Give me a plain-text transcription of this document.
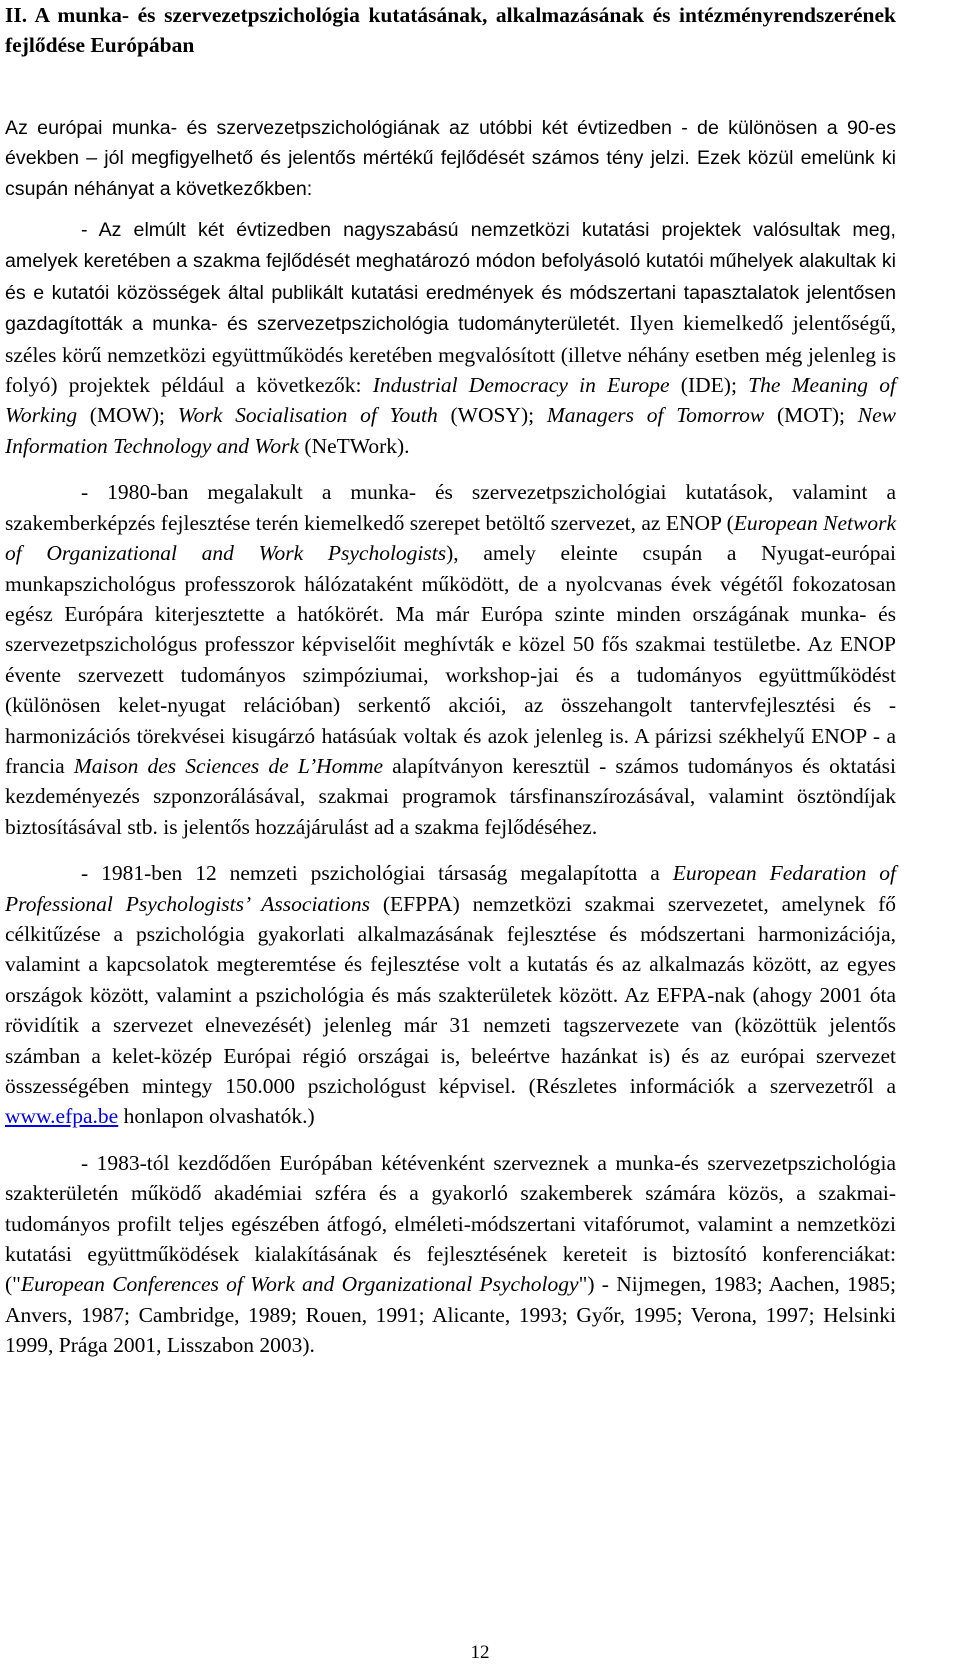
II. A munka- és szervezetpszichológia kutatásának, alkalmazásának és intézményrendszerének fejlődése Európában
Az európai munka- és szervezetpszichológiának az utóbbi két évtizedben - de különösen a 90-es években – jól megfigyelhető és jelentős mértékű fejlődését számos tény jelzi. Ezek közül emelünk ki csupán néhányat a következőkben:
- Az elmúlt két évtizedben nagyszabású nemzetközi kutatási projektek valósultak meg, amelyek keretében a szakma fejlődését meghatározó módon befolyásoló kutatói műhelyek alakultak ki és e kutatói közösségek által publikált kutatási eredmények és módszertani tapasztalatok jelentősen gazdagították a munka- és szervezetpszichológia tudományterületét. Ilyen kiemelkedő jelentőségű, széles körű nemzetközi együttműködés keretében megvalósított (illetve néhány esetben még jelenleg is folyó) projektek például a következők: Industrial Democracy in Europe (IDE); The Meaning of Working (MOW); Work Socialisation of Youth (WOSY); Managers of Tomorrow (MOT); New Information Technology and Work (NeTWork).
- 1980-ban megalakult a munka- és szervezetpszichológiai kutatások, valamint a szakemberképzés fejlesztése terén kiemelkedő szerepet betöltő szervezet, az ENOP (European Network of Organizational and Work Psychologists), amely eleinte csupán a Nyugat-európai munkapszichológus professzorok hálózataként működött, de a nyolcvanas évek végétől fokozatosan egész Európára kiterjesztette a hatókörét. Ma már Európa szinte minden országának munka- és szervezetpszichológus professzor képviselőit meghívták e közel 50 fős szakmai testületbe. Az ENOP évente szervezett tudományos szimpóziumai, workshop-jai és a tudományos együttműködést (különösen kelet-nyugat relációban) serkentő akciói, az összehangolt tantervfejlesztési és -harmonizációs törekvései kisugárzó hatásúak voltak és azok jelenleg is. A párizsi székhelyű ENOP - a francia Maison des Sciences de L’Homme alapítványon keresztül - számos tudományos és oktatási kezdeményezés szponzorálásával, szakmai programok társfinanszírozásával, valamint ösztöndíjak biztosításával stb. is jelentős hozzájárulást ad a szakma fejlődéséhez.
- 1981-ben 12 nemzeti pszichológiai társaság megalapította a European Fedaration of Professional Psychologists’ Associations (EFPPA) nemzetközi szakmai szervezetet, amelynek fő célkitűzése a pszichológia gyakorlati alkalmazásának fejlesztése és módszertani harmonizációja, valamint a kapcsolatok megteremtése és fejlesztése volt a kutatás és az alkalmazás között, az egyes országok között, valamint a pszichológia és más szakterületek között. Az EFPA-nak (ahogy 2001 óta rövidítik a szervezet elnevezését) jelenleg már 31 nemzeti tagszervezete van (közöttük jelentős számban a kelet-közép Európai régió országai is, beleértve hazánkat is) és az európai szervezet összességében mintegy 150.000 pszichológust képvisel. (Részletes információk a szervezetről a www.efpa.be honlapon olvashatók.)
- 1983-tól kezdődően Európában kétévenként szerveznek a munka-és szervezetpszichológia szakterületén működő akadémiai szféra és a gyakorló szakemberek számára közös, a szakmai-tudományos profilt teljes egészében átfogó, elméleti-módszertani vitafórumot, valamint a nemzetközi kutatási együttműködések kialakításának és fejlesztésének kereteit is biztosító konferenciákat: ("European Conferences of Work and Organizational Psychology") - Nijmegen, 1983; Aachen, 1985; Anvers, 1987; Cambridge, 1989; Rouen, 1991; Alicante, 1993; Győr, 1995; Verona, 1997; Helsinki 1999, Prága 2001, Lisszabon 2003).
12
